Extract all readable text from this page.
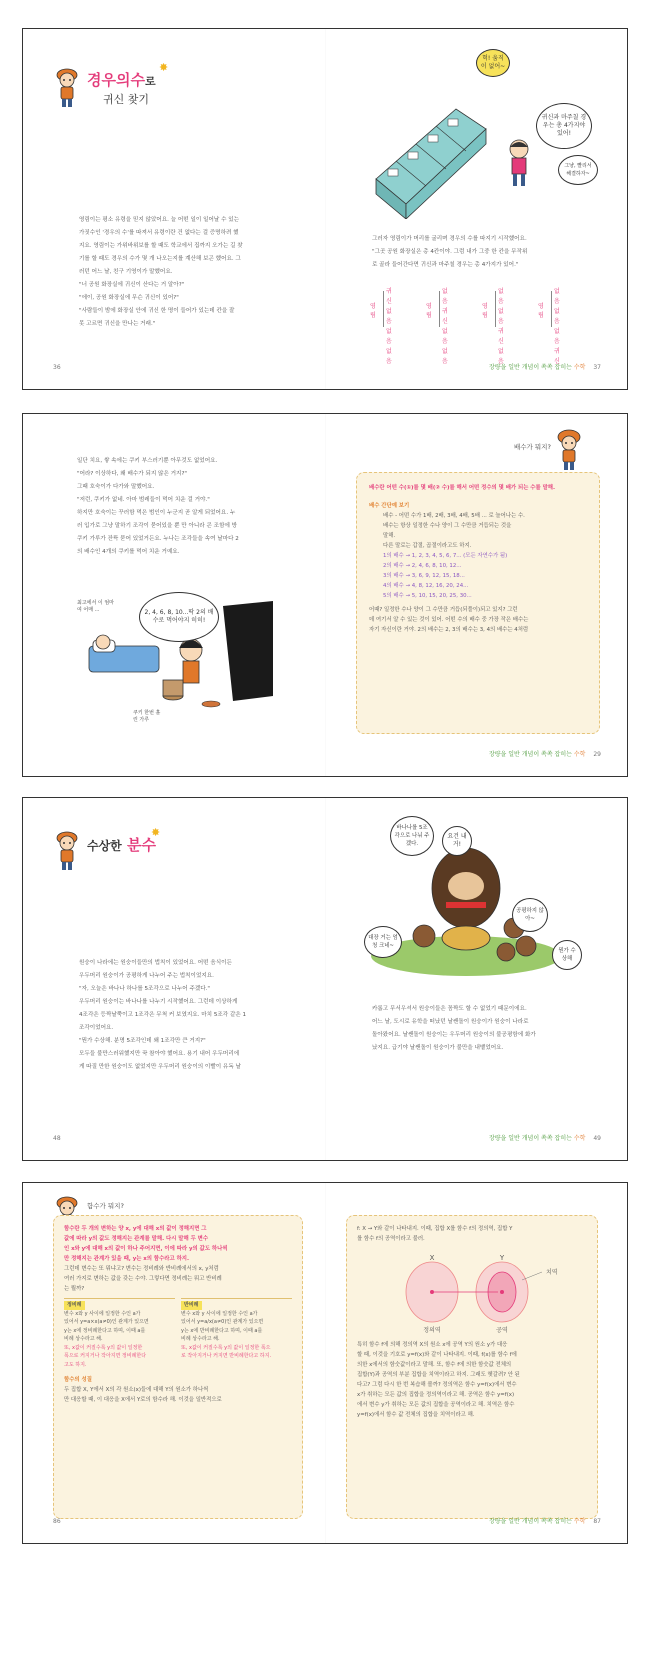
경우의수로
✸
귀신 찾기

영림이는 평소 유령을 믿지 않았어요. 늘 어떤 일이 일어날 수 있는

가짓수인 '경우의 수'를 따져서 유령이란 건 없다는 걸 증명하려 했

지요. 영림이는 가위바위보를 할 때도 학교에서 집까지 오가는 길 찾

기를 할 때도 경우의 수가 몇 개 나오는지를 계산해 보곤 했어요. 그

러던 어느 날, 친구 기영이가 말했어요.

"너 공원 화장실에 귀신이 산다는 거 알아?"

"에이, 공원 화장실에 무슨 귀신이 있어?"

"사람들이 밤에 화장실 안에 귀신 한 명이 들어가 있는데 칸을 잘

못 고르면 귀신을 만나는 거래."

36
헉! 움직이 없어~
귀신과 마주칠 경우는 총 4가지야 있어!
그냥, 빨리서 해결하자~

그러자 영림이가 머리를 굴리며 경우의 수를 따지기 시작했어요.

"그곳 공원 화장실은 총 4칸이야. 그럼 내가 그중 한 칸을 무작위

로 골라 들어간다면 귀신과 마주칠 경우는 총 4가지가 있어."

영림
귀신
없음
없음
없음
영림
없음
귀신
없음
없음
영림
없음
없음
귀신
없음
영림
없음
없음
없음
귀신
장량을 일반 개념이 쏙쏙 잡히는 수학 37

일단 치요, 쌓 속에는 쿠키 부스러기뿐 아무것도 없었어요.

"어라? 이상하다, 왜 배수가 되지 않은 거지?"

그때 호숙이가 다가와 말했어요.

"저런, 쿠키가 없네. 아마 범레들이 먹어 치운 걸 거야."

하지만 호숙이는 꾸러함 먹은 범인이 누군지 곧 알게 되었어요. 누

러 입가로 그냥 말하기 조각이 묻어있을 뿐 만 아니라 콘 조함에 방

쿠키 가루가 잔뜩 묻어 있었거든요. 누나는 조각들을 속여 날마다 2

의 배수인 4개의 쿠키를 먹어 치운 거예요.

2, 4, 6, 8, 10...딱 2의 배수로 먹어야지 히히!
최고에서 이 엄마 여 어매 ...
쿠키 한번 흘린 가루
배수가 뭐지?
배수란 어떤 수(①)를 몇 배(② 수)를 해서 어떤 정수의 몇 배가 되는 수를 말해.
배수 간단예 보기
배수 - 어떤 수가 1배, 2배, 3배, 4배, 5배 ... 로 늘어나는 수.
배수는 항상 일정한 수나 양이 그 수만큼 거듭되는 것을
말해.
다른 말로는 갑절, 곱절이라고도 하지.
1의 배수 → 1, 2, 3, 4, 5, 6, 7... (모든 자연수가 됨)
2의 배수 → 2, 4, 6, 8, 10, 12...
3의 배수 → 3, 6, 9, 12, 15, 18...
4의 배수 → 4, 8, 12, 16, 20, 24...
5의 배수 → 5, 10, 15, 20, 25, 30...
어때? 일정한 수나 양이 그 수만큼 거듭(되풀이)되고 있지? 그런
데 여기서 알 수 있는 것이 있어. 어떤 수의 배수 중 가장 작은 배수는
자기 자신이란 거야. 2의 배수는 2, 3의 배수는 3, 4의 배수는 4처럼
장량을 일반 개념이 쏙쏙 잡히는 수학 29
수상한 분수
✸

원숭이 나라에는 원숭이들만의 법칙이 있었어요. 어떤 음식이든

우두머리 원숭이가 공평하게 나누어 주는 법칙이었지요.

"자, 오늘은 바나나 하나를 5조각으로 나누어 주겠다."

우두머리 원숭이는 바나나를 나누기 시작했어요. 그런데 이상하게

4조각은 등짝날쭉이고 1조각은 무척 커 보였지요. 마치 5조각 같은 1

조각이었어요.

"뭔가 수상해. 분명 5조각인데 왜 1조각만 큰 거지?"

모두들 불만스러워했지만 꾹 참아야 했어요. 용기 내어 우두머리에

게 따질 만한 원숭이도 없었지만 우두머리 원숭이의 이빨이 유독 날

48
바나나를 5조각으로 나눠 주겠다.
요건 내 거!
공평하지 않아~
대장 거는 엄청 크네~
뭔가 수상해

카롭고 무서우셔서 원숭이들은 꼼짝도 할 수 없었기 때문이에요.

어느 날, 도시로 유학을 떠났던 날쌘돌이 원숭이가 원숭이 나라로

돌아왔어요. 날쌘돌이 원숭이는 우두머리 원숭이의 불공평함에 화가

났지요. 급기야 날쌘돌이 원숭이가 불만을 내뱉었어요.

장량을 일반 개념이 쏙쏙 잡히는 수학 49
함수가 뭐지?
함수란 두 개의 변하는 양 x, y에 대해 x의 값이 정해지면 그
값에 따라 y의 값도 정해지는 관계를 말해. 다시 말해 두 변수
인 x와 y에 대해 x의 값이 하나 주어지면, 이에 따라 y의 값도 하나씩
만 정해지는 관계가 있을 때, y는 x의 함수라고 하지.
그런데 변수는 또 뭐냐고? 변수는 정비례와 반비례에서의 x, y처럼
여러 가지로 변하는 값을 갖는 수야. 그렇다면 정비례는 뭐고 반비례
는 뭘까?
정비례
변수 x와 y 사이에 일정한 수인 a가
있어서 y=a×x(a≠0)인 관계가 있으면
y는 x에 정비례한다고 하며, 이때 a를
비례 상수라고 해.
또, x값이 커질수록 y의 값이 일정한
폭으로 커지거나 작아지면 정비례한다
고도 하지.
반비례
변수 x와 y 사이에 일정한 수인 a가
있어서 y=a/x(a≠0)인 관계가 있으면
y는 x에 반비례한다고 하며, 이때 a를
비례 상수라고 해.
또, x값이 커질수록 y의 값이 일정한 폭으
로 작아지거나 커지면 반비례한다고 하지.
함수의 성질
두 집합 X, Y에서 X의 각 원소(x)들에 대해 Y의 원소가 하나씩
만 대응할 때, 이 대응을 X에서 Y로의 함수라 해. 이것을 일반적으로
86
f: X → Y와 같이 나타내지. 이때, 집합 X를 함수 f의 정의역, 집합 Y
를 함수 f의 공역이라고 불러.
X	Y
정의역	공역
치역
특히 함수 f에 의해 정의역 X의 원소 x에 공역 Y의 원소 y가 대응
할 때, 이것을 기호로 y=f(x)와 같이 나타내지. 이때, f(x)를 함수 f에
의한 x에서의 함숫값이라고 말해. 또, 함수 f에 의한 함숫값 전체의
집합(Y)과 공역의 부분 집합을 치역이라고 하지. 그래도 헷갈려? 안 된
다고? 그럼 다시 한 번 복습해 볼까? 정의역은 함수 y=f(x)에서 변수
x가 취하는 모든 값의 집합을 정의역이라고 해. 공역은 함수 y=f(x)
에서 변수 y가 취하는 모든 값의 집합을 공역이라고 해. 치역은 함수
y=f(x)에서 함수 값 전체의 집합을 치역이라고 해.
장량을 일반 개념이 쏙쏙 잡히는 수학 87
